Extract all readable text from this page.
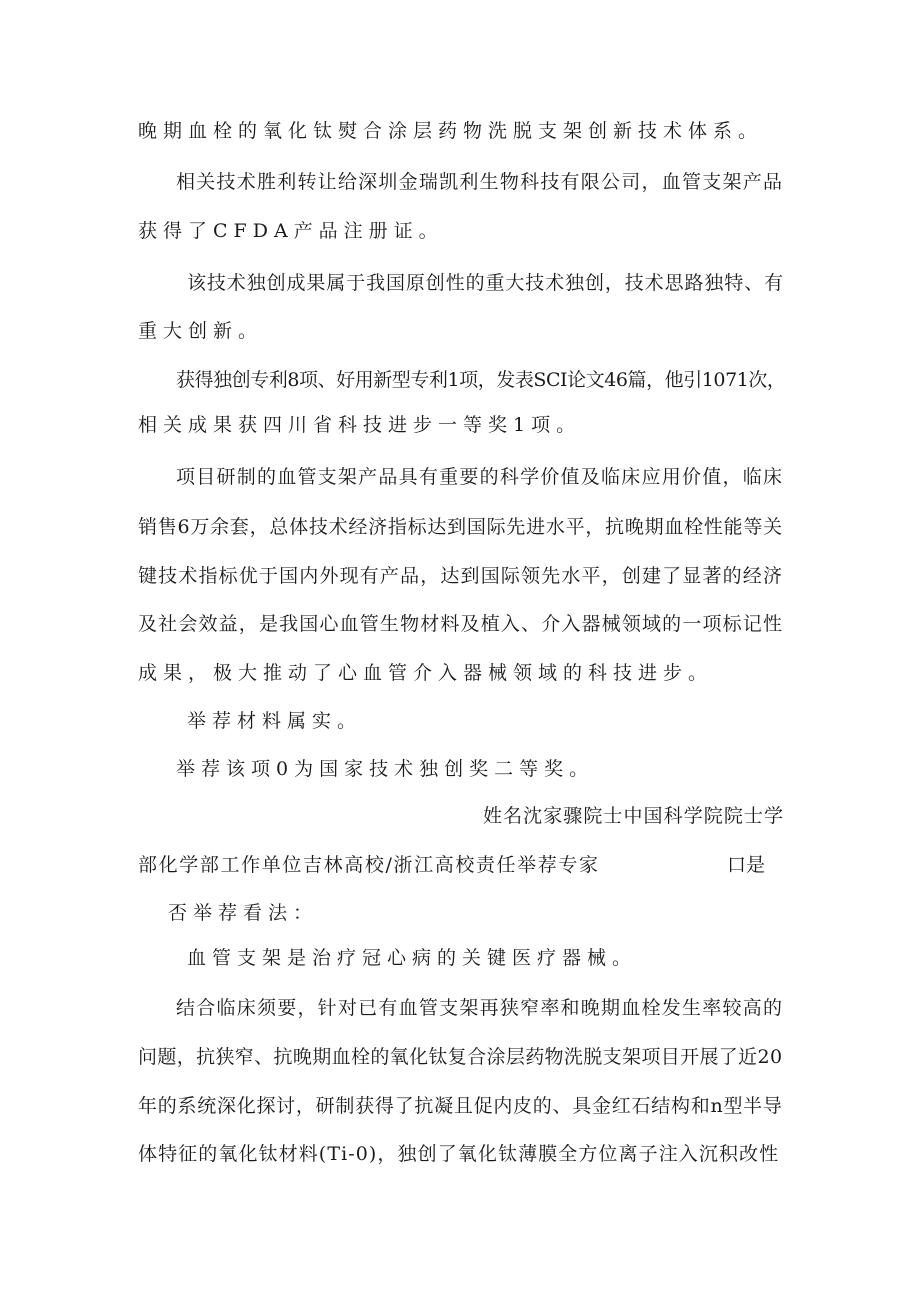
晚期血栓的氧化钛熨合涂层药物洗脱支架创新技术体系。

相关技术胜利转让给深圳金瑞凯利生物科技有限公司，血管支架产品

获得了CFDA产品注册证。

该技术独创成果属于我国原创性的重大技术独创，技术思路独特、有

重大创新。

获得独创专利8项、好用新型专利1项，发表SCI论文46篇，他引1071次，

相关成果获四川省科技进步一等奖1项。

项目研制的血管支架产品具有重要的科学价值及临床应用价值，临床

销售6万余套，总体技术经济指标达到国际先进水平，抗晚期血栓性能等关

键技术指标优于国内外现有产品，达到国际领先水平，创建了显著的经济

及社会效益，是我国心血管生物材料及植入、介入器械领域的一项标记性

成果，极大推动了心血管介入器械领域的科技进步。

举荐材料属实。

举荐该项0为国家技术独创奖二等奖。

姓名沈家骤院士中国科学院院士学

部化学部工作单位吉林高校/浙江高校责任举荐专家	口是

否举荐看法：

血管支架是治疗冠心病的关键医疗器械。

结合临床须要，针对已有血管支架再狭窄率和晚期血栓发生率较高的

问题，抗狭窄、抗晚期血栓的氧化钛复合涂层药物洗脱支架项目开展了近20

年的系统深化探讨，研制获得了抗凝且促内皮的、具金红石结构和n型半导

体特征的氧化钛材料(Ti-0)，独创了氧化钛薄膜全方位离子注入沉积改性
